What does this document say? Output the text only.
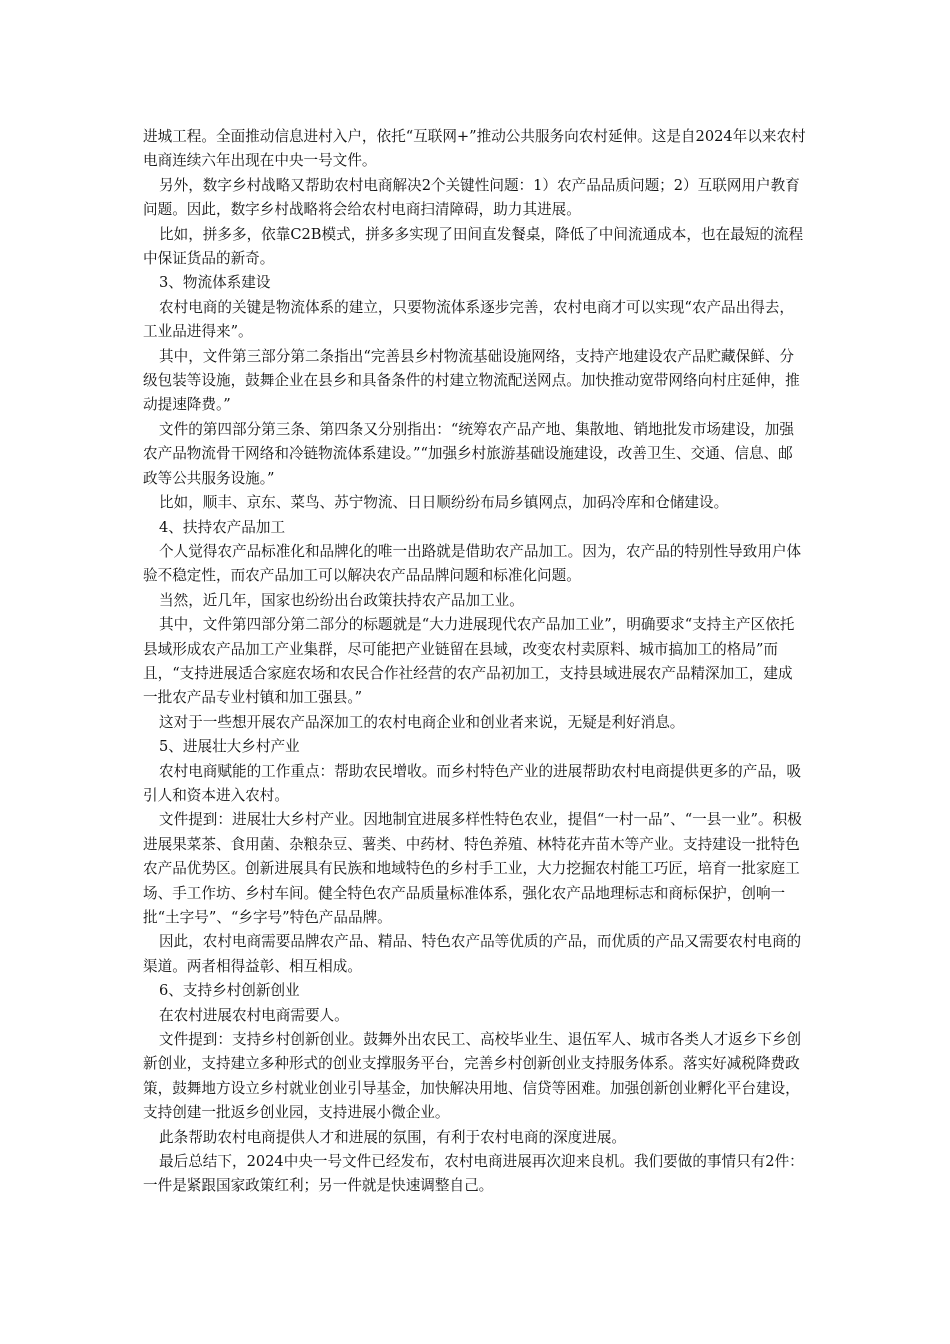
进城工程。全面推动信息进村入户，依托“互联网+”推动公共服务向农村延伸。这是自2024年以来农村电商连续六年出现在中央一号文件。

另外，数字乡村战略又帮助农村电商解决2个关键性问题：1）农产品品质问题；2）互联网用户教育问题。因此，数字乡村战略将会给农村电商扫清障碍，助力其进展。

比如，拼多多，依靠C2B模式，拼多多实现了田间直发餐桌，降低了中间流通成本，也在最短的流程中保证货品的新奇。

3、物流体系建设

农村电商的关键是物流体系的建立，只要物流体系逐步完善，农村电商才可以实现“农产品出得去，工业品进得来”。

其中，文件第三部分第二条指出“完善县乡村物流基础设施网络，支持产地建设农产品贮藏保鲜、分级包装等设施，鼓舞企业在县乡和具备条件的村建立物流配送网点。加快推动宽带网络向村庄延伸，推动提速降费。”

文件的第四部分第三条、第四条又分别指出：“统筹农产品产地、集散地、销地批发市场建设，加强农产品物流骨干网络和冷链物流体系建设。”“加强乡村旅游基础设施建设，改善卫生、交通、信息、邮政等公共服务设施。”

比如，顺丰、京东、菜鸟、苏宁物流、日日顺纷纷布局乡镇网点，加码冷库和仓储建设。

4、扶持农产品加工

个人觉得农产品标准化和品牌化的唯一出路就是借助农产品加工。因为，农产品的特别性导致用户体验不稳定性，而农产品加工可以解决农产品品牌问题和标准化问题。

当然，近几年，国家也纷纷出台政策扶持农产品加工业。

其中，文件第四部分第二部分的标题就是“大力进展现代农产品加工业”，明确要求“支持主产区依托县域形成农产品加工产业集群，尽可能把产业链留在县域，改变农村卖原料、城市搞加工的格局”而且，“支持进展适合家庭农场和农民合作社经营的农产品初加工，支持县域进展农产品精深加工，建成一批农产品专业村镇和加工强县。”

这对于一些想开展农产品深加工的农村电商企业和创业者来说，无疑是利好消息。

5、进展壮大乡村产业

农村电商赋能的工作重点：帮助农民增收。而乡村特色产业的进展帮助农村电商提供更多的产品，吸引人和资本进入农村。

文件提到：进展壮大乡村产业。因地制宜进展多样性特色农业，提倡“一村一品”、“一县一业”。积极进展果菜茶、食用菌、杂粮杂豆、薯类、中药材、特色养殖、林特花卉苗木等产业。支持建设一批特色农产品优势区。创新进展具有民族和地域特色的乡村手工业，大力挖掘农村能工巧匠，培育一批家庭工场、手工作坊、乡村车间。健全特色农产品质量标准体系，强化农产品地理标志和商标保护，创响一批“土字号”、“乡字号”特色产品品牌。

因此，农村电商需要品牌农产品、精品、特色农产品等优质的产品，而优质的产品又需要农村电商的渠道。两者相得益彰、相互相成。

6、支持乡村创新创业

在农村进展农村电商需要人。

文件提到：支持乡村创新创业。鼓舞外出农民工、高校毕业生、退伍军人、城市各类人才返乡下乡创新创业，支持建立多种形式的创业支撑服务平台，完善乡村创新创业支持服务体系。落实好减税降费政策，鼓舞地方设立乡村就业创业引导基金，加快解决用地、信贷等困难。加强创新创业孵化平台建设，支持创建一批返乡创业园，支持进展小微企业。

此条帮助农村电商提供人才和进展的氛围，有利于农村电商的深度进展。

最后总结下，2024中央一号文件已经发布，农村电商进展再次迎来良机。我们要做的事情只有2件：一件是紧跟国家政策红利；另一件就是快速调整自己。
